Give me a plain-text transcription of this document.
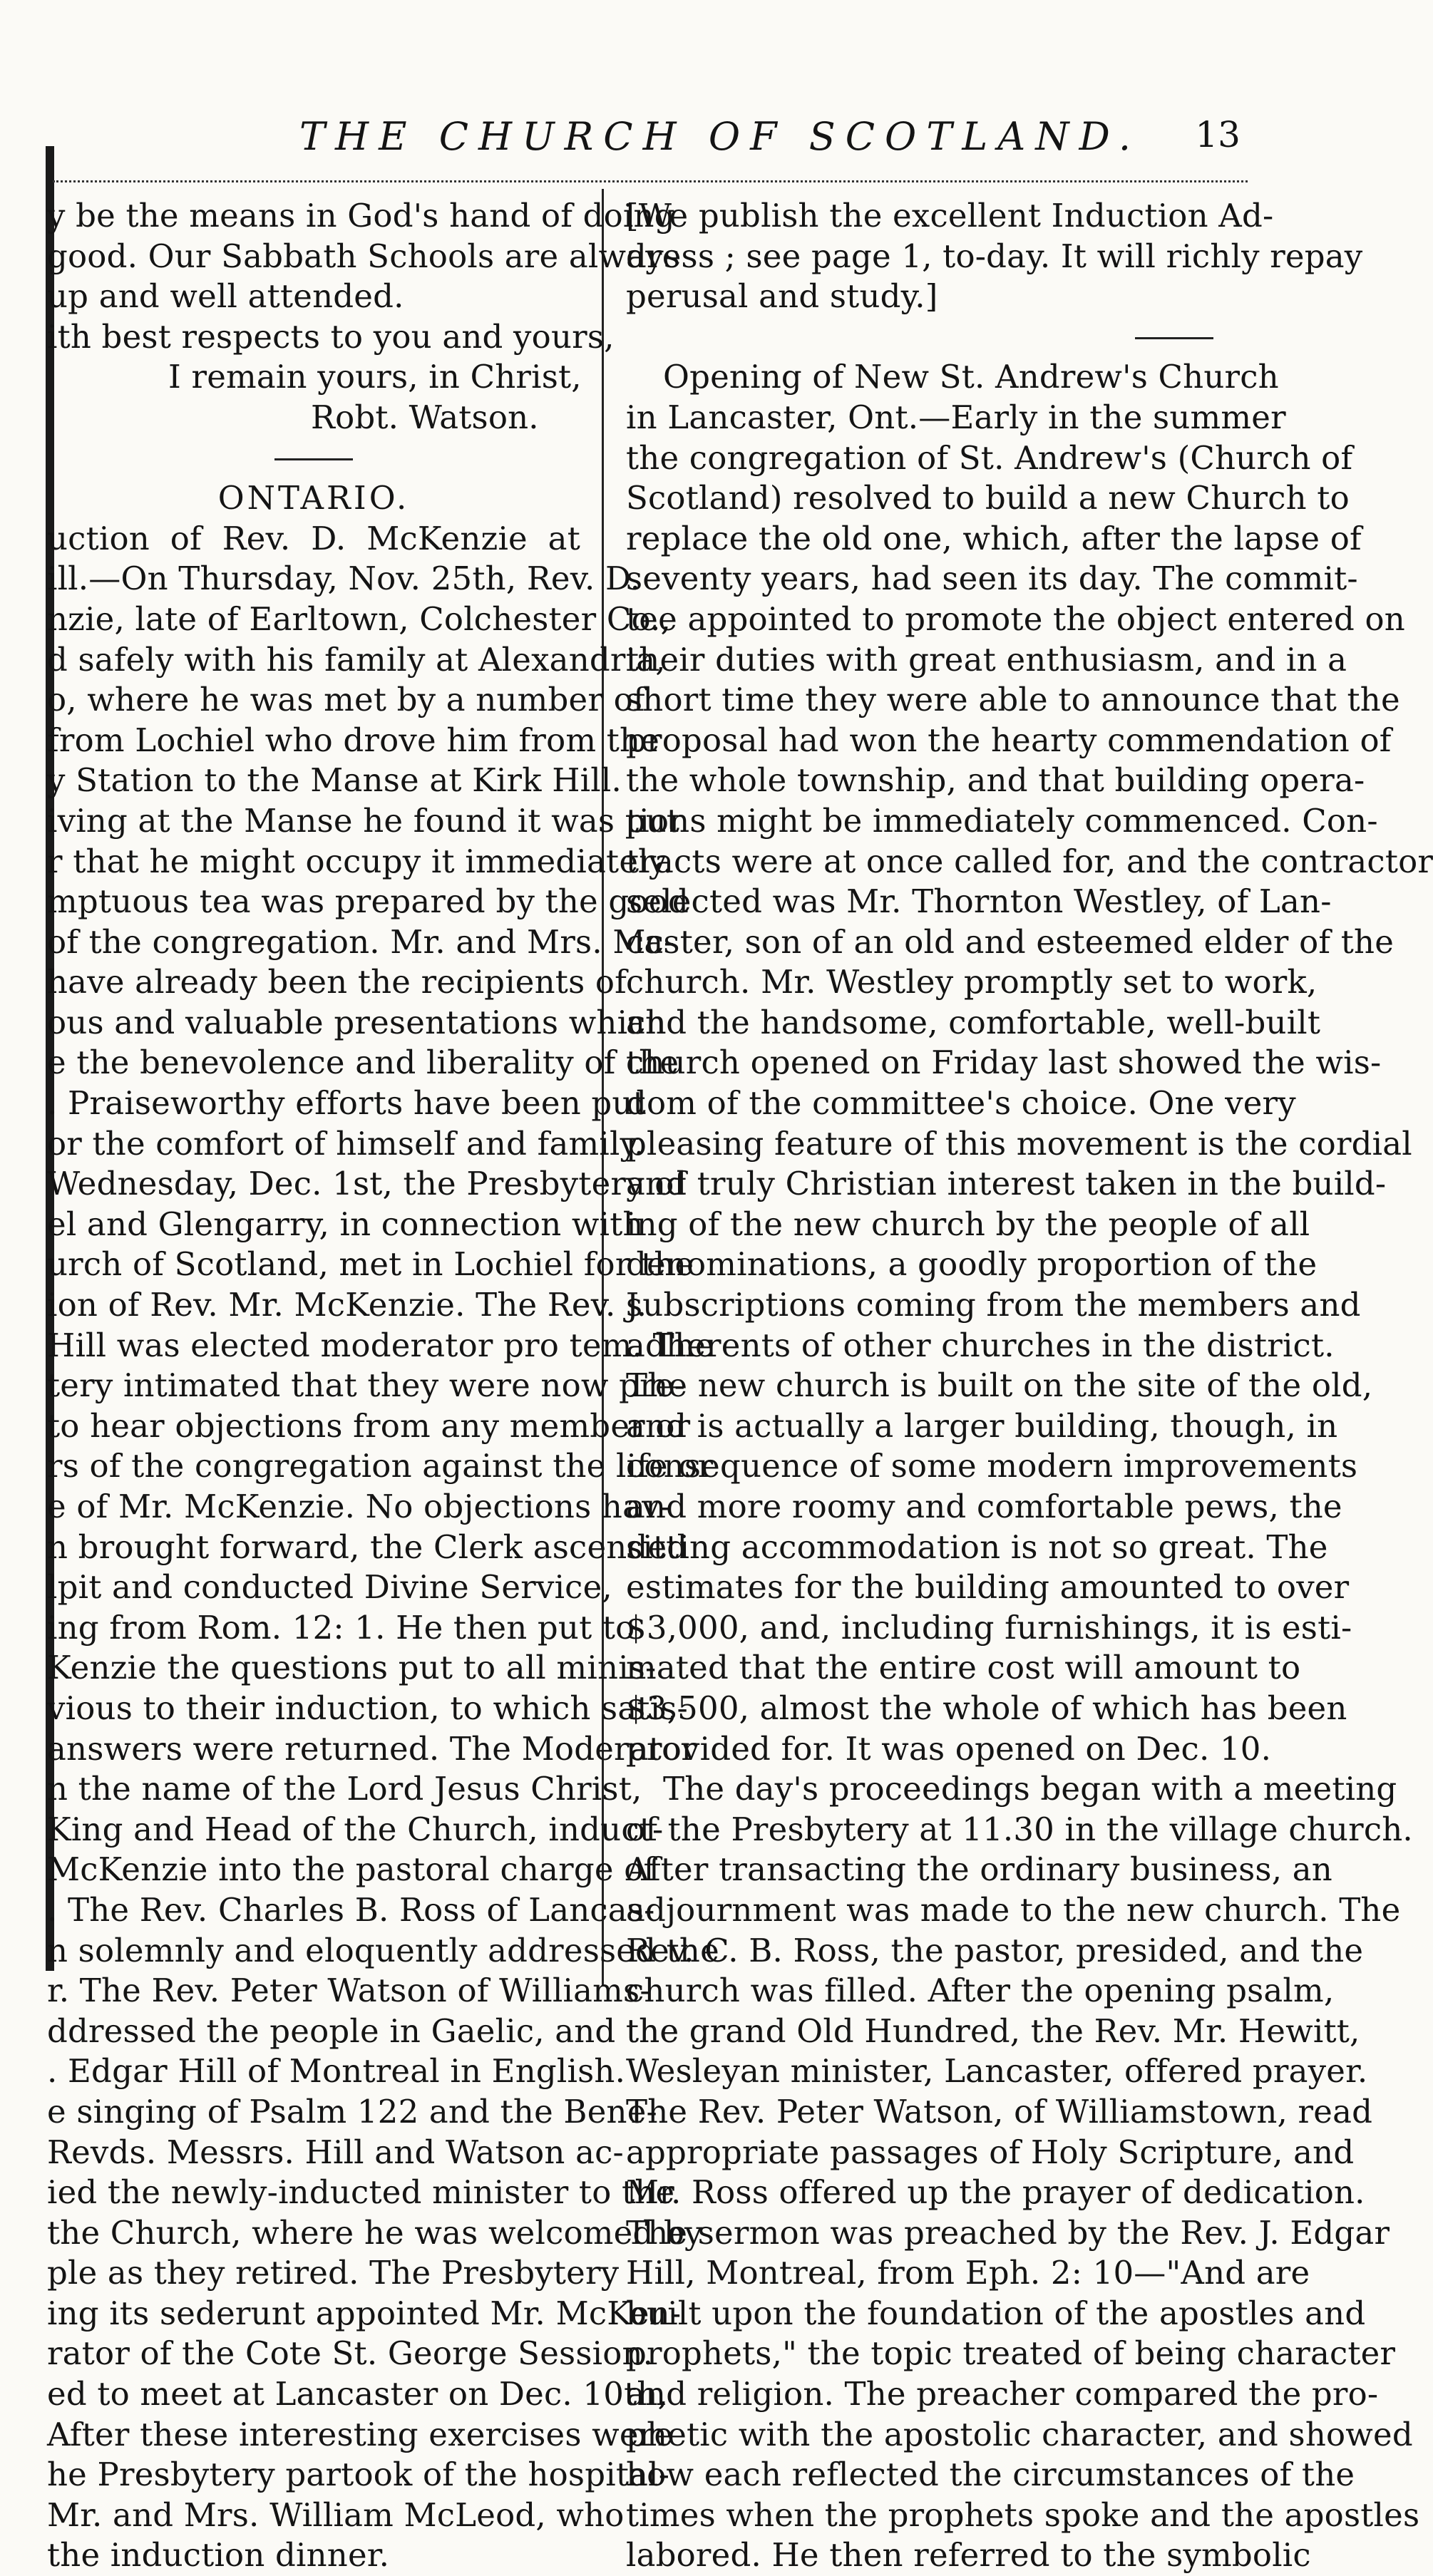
THE CHURCH OF SCOTLAND.	13
y be the means in God's hand of doing
good. Our Sabbath Schools are always
up and well attended.
ith best respects to you and yours,
I remain yours, in Christ,
Robt. Watson.
ONTARIO.
uction of Rev. D. McKenzie at
ill.—On Thursday, Nov. 25th, Rev. D.
nzie, late of Earltown, Colchester Co.,
d safely with his family at Alexandria,
o, where he was met by a number of
from Lochiel who drove him from the
y Station to the Manse at Kirk Hill.
iving at the Manse he found it was put
r that he might occupy it immediately.
mptuous tea was prepared by the good
of the congregation. Mr. and Mrs. Mc-
have already been the recipients of
ous and valuable presentations which
e the benevolence and liberality of the
. Praiseworthy efforts have been put
or the comfort of himself and family.
Wednesday, Dec. 1st, the Presbytery of
el and Glengarry, in connection with
urch of Scotland, met in Lochiel for the
ion of Rev. Mr. McKenzie. The Rev. J.
Hill was elected moderator pro tem. The
tery intimated that they were now pre-
to hear objections from any member or
rs of the congregation against the life or
e of Mr. McKenzie. No objections hav-
n brought forward, the Clerk ascended
lpit and conducted Divine Service,
ing from Rom. 12: 1. He then put to
Kenzie the questions put to all minis-
vious to their induction, to which satis-
answers were returned. The Moderator
n the name of the Lord Jesus Christ,
King and Head of the Church, induct-
McKenzie into the pastoral charge of
. The Rev. Charles B. Ross of Lancas-
n solemnly and eloquently addressed the
r. The Rev. Peter Watson of Williams-
ddressed the people in Gaelic, and the
. Edgar Hill of Montreal in English.
e singing of Psalm 122 and the Bene-
Revds. Messrs. Hill and Watson ac-
ied the newly-inducted minister to the
the Church, where he was welcomed by
ple as they retired. The Presbytery
ing its sederunt appointed Mr. McKen-
rator of the Cote St. George Session.
ed to meet at Lancaster on Dec. 10th,
After these interesting exercises were
he Presbytery partook of the hospital-
Mr. and Mrs. William McLeod, who
the induction dinner.
[We publish the excellent Induction Ad-
dress ; see page 1, to-day. It will richly repay
perusal and study.]
Opening of New St. Andrew's Church
in Lancaster, Ont.—Early in the summer
the congregation of St. Andrew's (Church of
Scotland) resolved to build a new Church to
replace the old one, which, after the lapse of
seventy years, had seen its day. The commit-
tee appointed to promote the object entered on
their duties with great enthusiasm, and in a
short time they were able to announce that the
proposal had won the hearty commendation of
the whole township, and that building opera-
tions might be immediately commenced. Con-
tracts were at once called for, and the contractor
selected was Mr. Thornton Westley, of Lan-
caster, son of an old and esteemed elder of the
church. Mr. Westley promptly set to work,
and the handsome, comfortable, well-built
church opened on Friday last showed the wis-
dom of the committee's choice. One very
pleasing feature of this movement is the cordial
and truly Christian interest taken in the build-
ing of the new church by the people of all
denominations, a goodly proportion of the
subscriptions coming from the members and
adherents of other churches in the district.
The new church is built on the site of the old,
and is actually a larger building, though, in
consequence of some modern improvements
and more roomy and comfortable pews, the
sitting accommodation is not so great. The
estimates for the building amounted to over
$3,000, and, including furnishings, it is esti-
mated that the entire cost will amount to
$3,500, almost the whole of which has been
provided for. It was opened on Dec. 10.
The day's proceedings began with a meeting
of the Presbytery at 11.30 in the village church.
After transacting the ordinary business, an
adjournment was made to the new church. The
Rev. C. B. Ross, the pastor, presided, and the
church was filled. After the opening psalm,
the grand Old Hundred, the Rev. Mr. Hewitt,
Wesleyan minister, Lancaster, offered prayer.
The Rev. Peter Watson, of Williamstown, read
appropriate passages of Holy Scripture, and
Mr. Ross offered up the prayer of dedication.
The sermon was preached by the Rev. J. Edgar
Hill, Montreal, from Eph. 2: 10—"And are
built upon the foundation of the apostles and
prophets," the topic treated of being character
and religion. The preacher compared the pro-
phetic with the apostolic character, and showed
how each reflected the circumstances of the
times when the prophets spoke and the apostles
labored. He then referred to the symbolic
